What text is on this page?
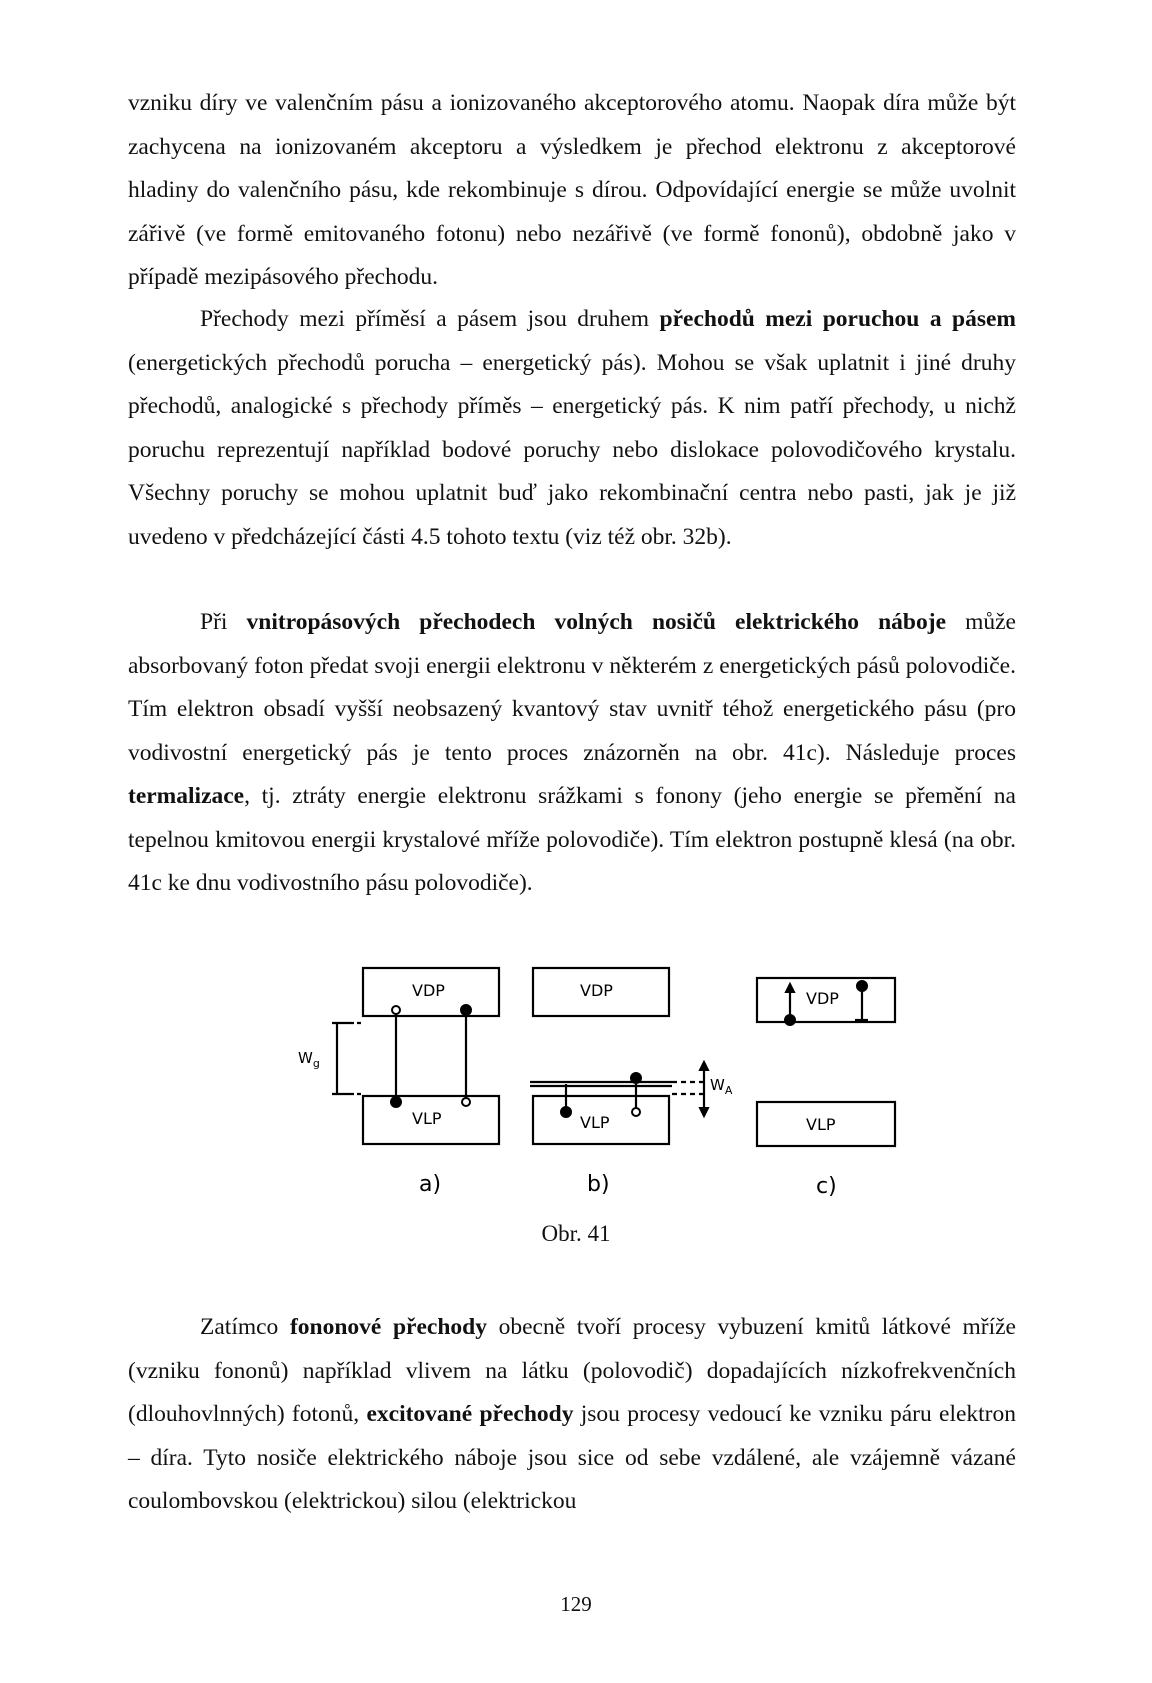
vzniku díry ve valenčním pásu a ionizovaného akceptorového atomu. Naopak díra může být zachycena na ionizovaném akceptoru a výsledkem je přechod elektronu z akceptorové hladiny do valenčního pásu, kde rekombinuje s dírou. Odpovídající energie se může uvolnit zářivě (ve formě emitovaného fotonu) nebo nezářivě (ve formě fononů), obdobně jako v případě mezipásového přechodu.

Přechody mezi příměsí a pásem jsou druhem přechodů mezi poruchou a pásem (energetických přechodů porucha – energetický pás). Mohou se však uplatnit i jiné druhy přechodů, analogické s přechody příměs – energetický pás. K nim patří přechody, u nichž poruchu reprezentují například bodové poruchy nebo dislokace polovodičového krystalu. Všechny poruchy se mohou uplatnit buď jako rekombinační centra nebo pasti, jak je již uvedeno v předcházející části 4.5 tohoto textu (viz též obr. 32b).

Při vnitropásových přechodech volných nosičů elektrického náboje může absorbovaný foton předat svoji energii elektronu v některém z energetických pásů polovodiče. Tím elektron obsadí vyšší neobsazený kvantový stav uvnitř téhož energetického pásu (pro vodivostní energetický pás je tento proces znázorněn na obr. 41c). Následuje proces termalizace, tj. ztráty energie elektronu srážkami s fonony (jeho energie se přemění na tepelnou kmitovou energii krystalové mříže polovodiče). Tím elektron postupně klesá (na obr. 41c ke dnu vodivostního pásu polovodiče).

VDP
VLP
VDP
VLP
VDP
VLP
$W_g$
$W_A$
a)	b)	c)

Obr. 41

Zatímco fononové přechody obecně tvoří procesy vybuzení kmitů látkové mříže (vzniku fononů) například vlivem na látku (polovodič) dopadajících nízkofrekvenčních (dlouhovlnných) fotonů, excitované přechody jsou procesy vedoucí ke vzniku páru elektron – díra. Tyto nosiče elektrického náboje jsou sice od sebe vzdálené, ale vzájemně vázané coulombovskou (elektrickou) silou (elektrickou

129
